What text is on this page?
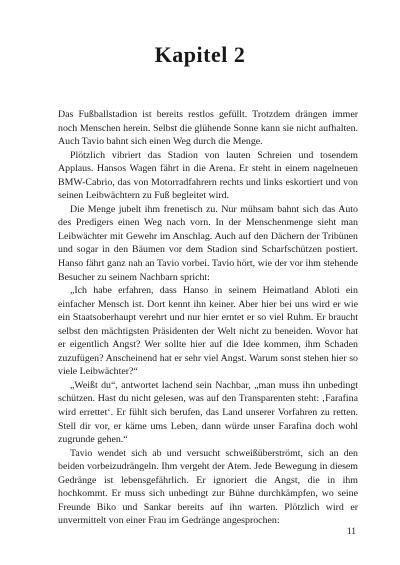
Kapitel 2

Das Fußballstadion ist bereits restlos gefüllt. Trotzdem drängen immer noch Menschen herein. Selbst die glühende Sonne kann sie nicht aufhalten. Auch Tavio bahnt sich einen Weg durch die Menge.

Plötzlich vibriert das Stadion von lauten Schreien und tosendem Applaus. Hansos Wagen fährt in die Arena. Er steht in einem nagelneuen BMW-Cabrio, das von Motorradfahrern rechts und links eskortiert und von seinen Leibwächtern zu Fuß begleitet wird.

Die Menge jubelt ihm frenetisch zu. Nur mühsam bahnt sich das Auto des Predigers einen Weg nach vorn. In der Menschenmenge sieht man Leibwächter mit Gewehr im Anschlag. Auch auf den Dächern der Tribünen und sogar in den Bäumen vor dem Stadion sind Scharfschützen postiert. Hanso fährt ganz nah an Tavio vorbei. Tavio hört, wie der vor ihm stehende Besucher zu seinem Nachbarn spricht:

„Ich habe erfahren, dass Hanso in seinem Heimatland Abloti ein einfacher Mensch ist. Dort kennt ihn keiner. Aber hier bei uns wird er wie ein Staatsoberhaupt verehrt und nur hier erntet er so viel Ruhm. Er braucht selbst den mächtigsten Präsidenten der Welt nicht zu beneiden. Wovor hat er eigentlich Angst? Wer sollte hier auf die Idee kommen, ihm Schaden zuzufügen? Anscheinend hat er sehr viel Angst. Warum sonst stehen hier so viele Leibwächter?“

„Weißt du“, antwortet lachend sein Nachbar, „man muss ihn unbedingt schützen. Hast du nicht gelesen, was auf den Transparenten steht: ‚Farafina wird errettet‘. Er fühlt sich berufen, das Land unserer Vorfahren zu retten. Stell dir vor, er käme ums Leben, dann würde unser Farafina doch wohl zugrunde gehen.“

Tavio wendet sich ab und versucht schweißüberströmt, sich an den beiden vorbeizudrängeln. Ihm vergeht der Atem. Jede Bewegung in diesem Gedränge ist lebensgefährlich. Er ignoriert die Angst, die in ihm hochkommt. Er muss sich unbedingt zur Bühne durchkämpfen, wo seine Freunde Biko und Sankar bereits auf ihn warten. Plötzlich wird er unvermittelt von einer Frau im Gedränge angesprochen:

11
